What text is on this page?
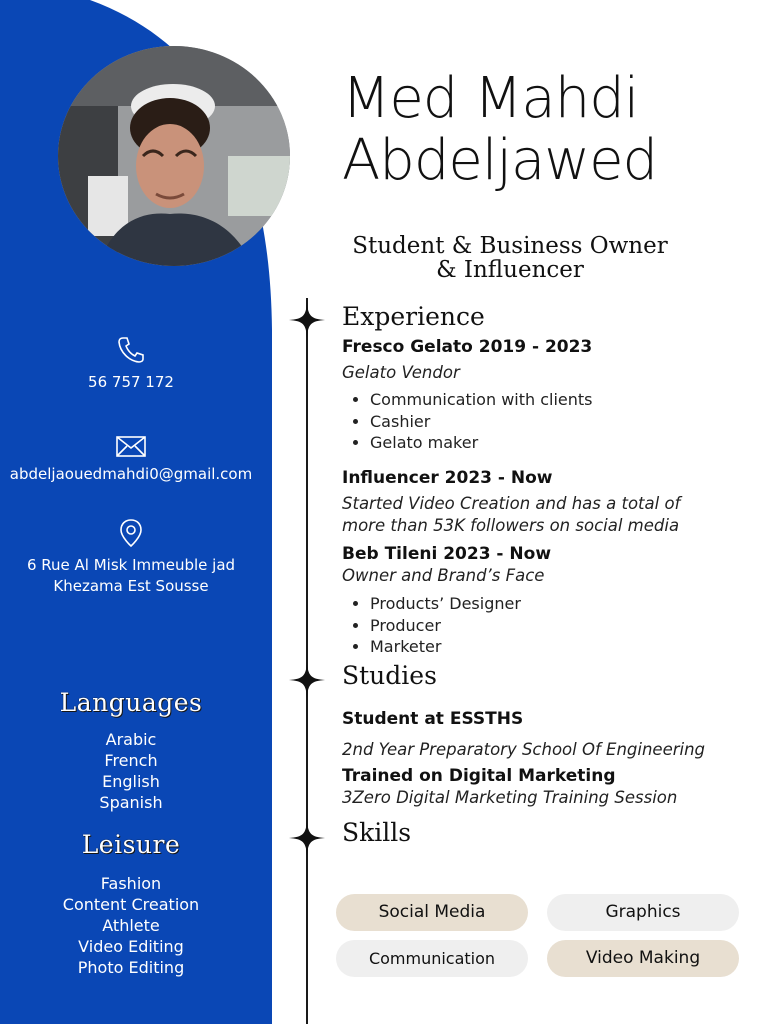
56 757 172
abdeljaouedmahdi0@gmail.com
6 Rue Al Misk Immeuble jad
Khezama Est Sousse
Languages
Arabic
French
English
Spanish
Leisure
Fashion
Content Creation
Athlete
Video Editing
Photo Editing
Med Mahdi
Abdeljawed
Student & Business Owner
& Influencer
Experience
Fresco Gelato 2019 - 2023
Gelato Vendor
• Communication with clients
• Cashier
• Gelato maker
Influencer 2023 - Now
Started Video Creation and has a total of
more than 53K followers on social media
Beb Tileni 2023 - Now
Owner and Brand’s Face
• Products’ Designer
• Producer
• Marketer
Studies
Student at ESSTHS
2nd Year Preparatory School Of Engineering
Trained on Digital Marketing
3Zero Digital Marketing Training Session
Skills
Social Media	Graphics
Communication	Video Making
